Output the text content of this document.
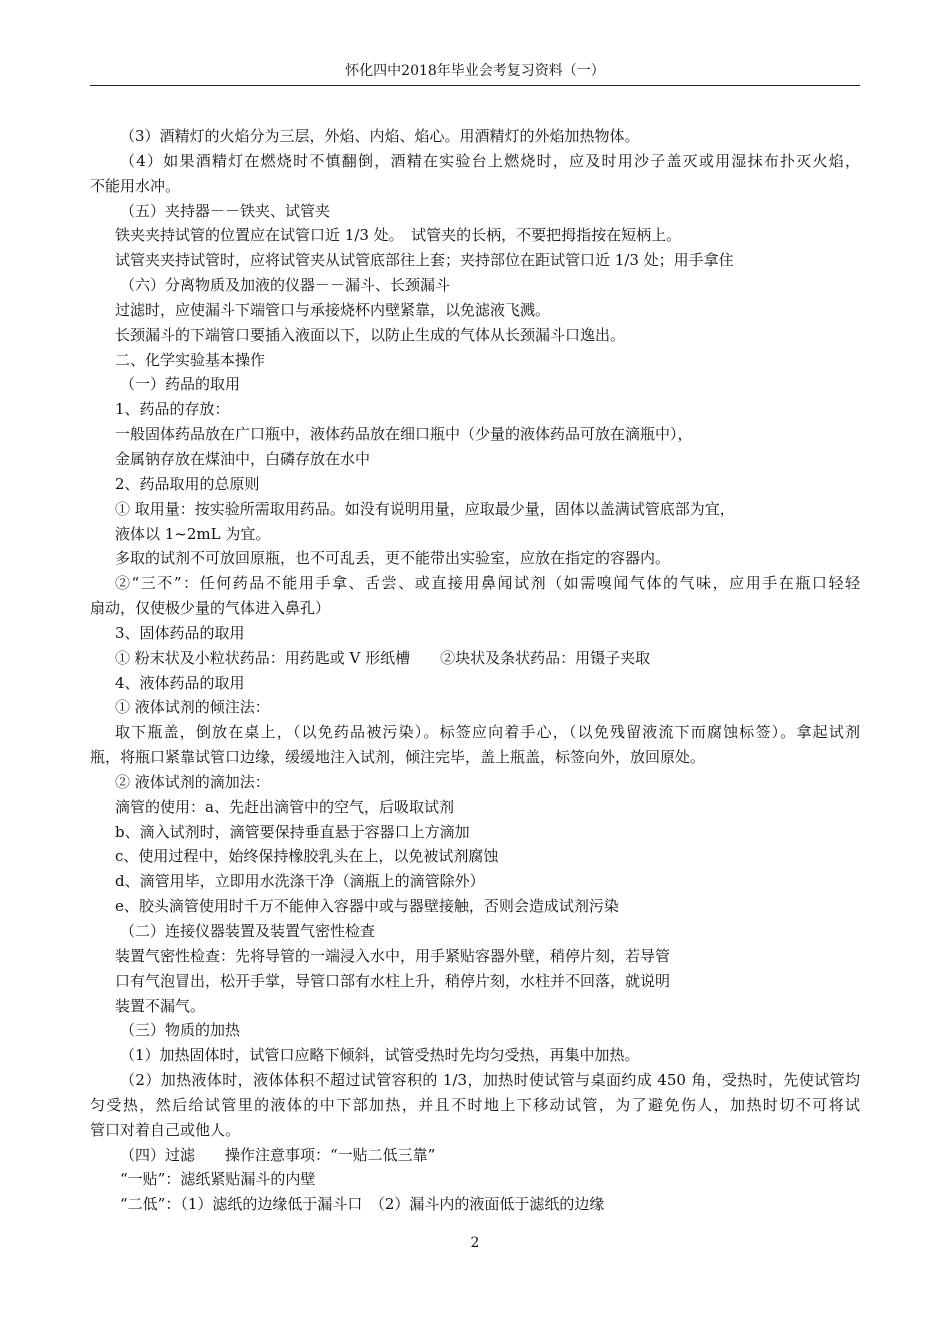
怀化四中2018年毕业会考复习资料（一）
（3）酒精灯的火焰分为三层，外焰、内焰、焰心。用酒精灯的外焰加热物体。
（4）如果酒精灯在燃烧时不慎翻倒，酒精在实验台上燃烧时，应及时用沙子盖灭或用湿抹布扑灭火焰，
不能用水冲。
（五）夹持器－－铁夹、试管夹
铁夹夹持试管的位置应在试管口近 1/3 处。　试管夹的长柄，不要把拇指按在短柄上。
试管夹夹持试管时，应将试管夹从试管底部往上套；夹持部位在距试管口近 1/3 处；用手拿住
（六）分离物质及加液的仪器－－漏斗、长颈漏斗
过滤时，应使漏斗下端管口与承接烧杯内壁紧靠，以免滤液飞溅。
长颈漏斗的下端管口要插入液面以下，以防止生成的气体从长颈漏斗口逸出。
二、化学实验基本操作
（一）药品的取用
1、药品的存放：
一般固体药品放在广口瓶中，液体药品放在细口瓶中（少量的液体药品可放在滴瓶中），
金属钠存放在煤油中，白磷存放在水中
2、药品取用的总原则
① 取用量：按实验所需取用药品。如没有说明用量，应取最少量，固体以盖满试管底部为宜，
液体以 1~2mL 为宜。
多取的试剂不可放回原瓶，也不可乱丢，更不能带出实验室，应放在指定的容器内。
②“三不”：任何药品不能用手拿、舌尝、或直接用鼻闻试剂（如需嗅闻气体的气味，应用手在瓶口轻轻
扇动，仅使极少量的气体进入鼻孔）
3、固体药品的取用
① 粉末状及小粒状药品：用药匙或 V 形纸槽　　②块状及条状药品：用镊子夹取
4、液体药品的取用
① 液体试剂的倾注法：
取下瓶盖，倒放在桌上，（以免药品被污染）。标签应向着手心，（以免残留液流下而腐蚀标签）。拿起试剂
瓶，将瓶口紧靠试管口边缘，缓缓地注入试剂，倾注完毕，盖上瓶盖，标签向外，放回原处。
② 液体试剂的滴加法：
滴管的使用：a、先赶出滴管中的空气，后吸取试剂
b、滴入试剂时，滴管要保持垂直悬于容器口上方滴加
c、使用过程中，始终保持橡胶乳头在上，以免被试剂腐蚀
d、滴管用毕，立即用水洗涤干净（滴瓶上的滴管除外）
e、胶头滴管使用时千万不能伸入容器中或与器壁接触，否则会造成试剂污染
（二）连接仪器装置及装置气密性检查
装置气密性检查：先将导管的一端浸入水中，用手紧贴容器外壁，稍停片刻，若导管
口有气泡冒出，松开手掌，导管口部有水柱上升，稍停片刻，水柱并不回落，就说明
装置不漏气。
（三）物质的加热
（1）加热固体时，试管口应略下倾斜，试管受热时先均匀受热，再集中加热。
（2）加热液体时，液体体积不超过试管容积的 1/3，加热时使试管与桌面约成 450 角，受热时，先使试管均
匀受热，然后给试管里的液体的中下部加热，并且不时地上下移动试管，为了避免伤人，加热时切不可将试
管口对着自己或他人。
（四）过滤　　操作注意事项：“一贴二低三靠”
“一贴”：滤纸紧贴漏斗的内壁
“二低”：（1）滤纸的边缘低于漏斗口　（2）漏斗内的液面低于滤纸的边缘
2
